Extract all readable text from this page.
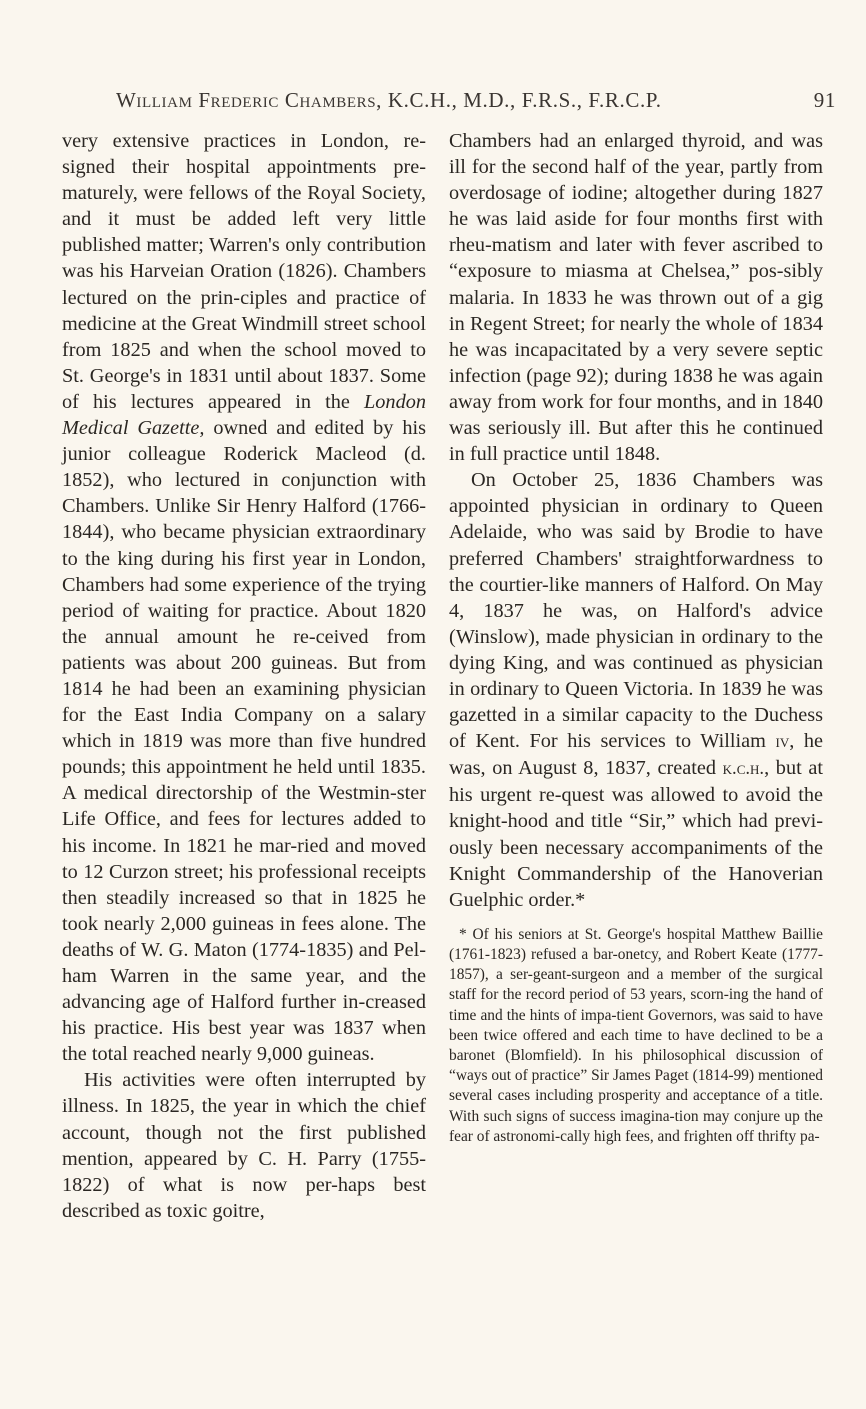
William Frederic Chambers, K.C.H., M.D., F.R.S., F.R.C.P.	91

very extensive practices in London, re-signed their hospital appointments pre-maturely, were fellows of the Royal Society, and it must be added left very little published matter; Warren's only contribution was his Harveian Oration (1826). Chambers lectured on the prin-ciples and practice of medicine at the Great Windmill street school from 1825 and when the school moved to St. George's in 1831 until about 1837. Some of his lectures appeared in the London Medical Gazette, owned and edited by his junior colleague Roderick Macleod (d. 1852), who lectured in conjunction with Chambers. Unlike Sir Henry Halford (1766-1844), who became physician extraordinary to the king during his first year in London, Chambers had some experience of the trying period of waiting for practice. About 1820 the annual amount he re-ceived from patients was about 200 guineas. But from 1814 he had been an examining physician for the East India Company on a salary which in 1819 was more than five hundred pounds; this appointment he held until 1835. A medical directorship of the Westmin-ster Life Office, and fees for lectures added to his income. In 1821 he mar-ried and moved to 12 Curzon street; his professional receipts then steadily increased so that in 1825 he took nearly 2,000 guineas in fees alone. The deaths of W. G. Maton (1774-1835) and Pel-ham Warren in the same year, and the advancing age of Halford further in-creased his practice. His best year was 1837 when the total reached nearly 9,000 guineas.

His activities were often interrupted by illness. In 1825, the year in which the chief account, though not the first published mention, appeared by C. H. Parry (1755-1822) of what is now per-haps best described as toxic goitre,

Chambers had an enlarged thyroid, and was ill for the second half of the year, partly from overdosage of iodine; altogether during 1827 he was laid aside for four months first with rheu-matism and later with fever ascribed to “exposure to miasma at Chelsea,” pos-sibly malaria. In 1833 he was thrown out of a gig in Regent Street; for nearly the whole of 1834 he was incapacitated by a very severe septic infection (page 92); during 1838 he was again away from work for four months, and in 1840 was seriously ill. But after this he continued in full practice until 1848.

On October 25, 1836 Chambers was appointed physician in ordinary to Queen Adelaide, who was said by Brodie to have preferred Chambers' straightforwardness to the courtier-like manners of Halford. On May 4, 1837 he was, on Halford's advice (Winslow), made physician in ordinary to the dying King, and was continued as physician in ordinary to Queen Victoria. In 1839 he was gazetted in a similar capacity to the Duchess of Kent. For his services to William iv, he was, on August 8, 1837, created k.c.h., but at his urgent re-quest was allowed to avoid the knight-hood and title “Sir,” which had previ-ously been necessary accompaniments of the Knight Commandership of the Hanoverian Guelphic order.*

* Of his seniors at St. George's hospital Matthew Baillie (1761-1823) refused a bar-onetcy, and Robert Keate (1777-1857), a ser-geant-surgeon and a member of the surgical staff for the record period of 53 years, scorn-ing the hand of time and the hints of impa-tient Governors, was said to have been twice offered and each time to have declined to be a baronet (Blomfield). In his philosophical discussion of “ways out of practice” Sir James Paget (1814-99) mentioned several cases including prosperity and acceptance of a title. With such signs of success imagina-tion may conjure up the fear of astronomi-cally high fees, and frighten off thrifty pa-
